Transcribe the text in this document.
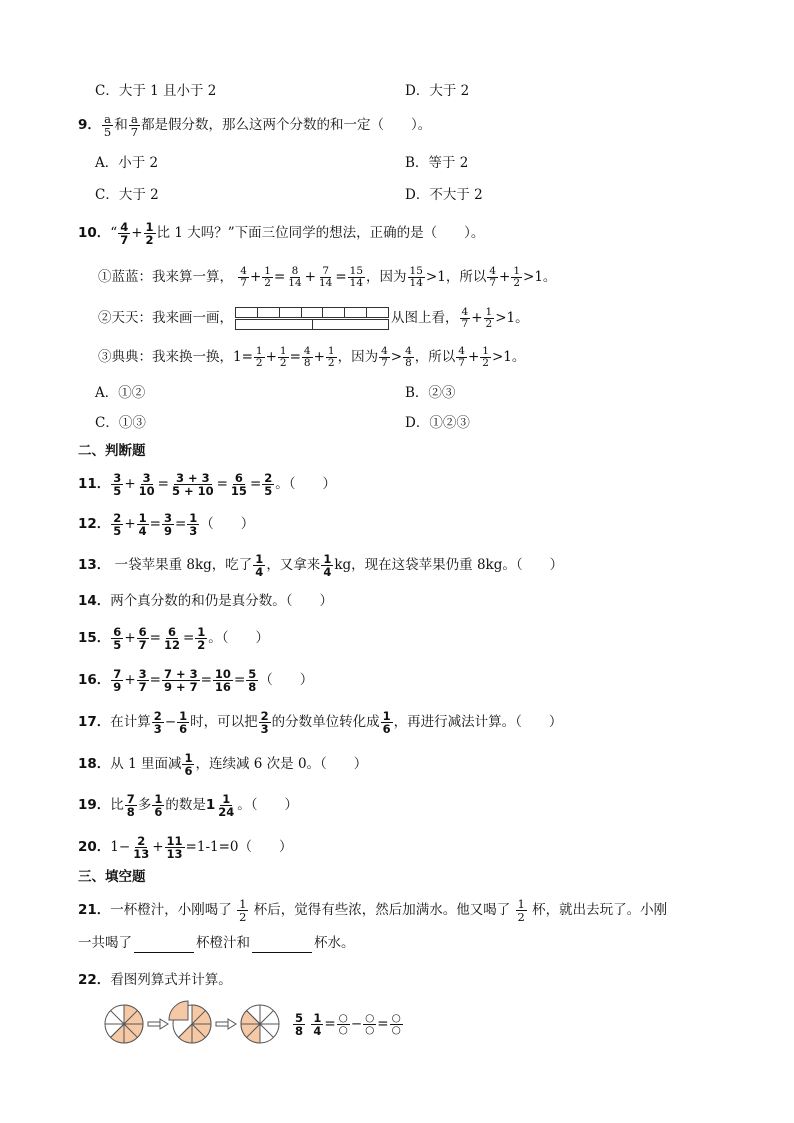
C．大于 1 且小于 2	D．大于 2
9． $\frac{a}{5}$ 和 $\frac{a}{7}$ 都是假分数，那么这两个分数的和一定（　　）。
A．小于 2	B．等于 2
C．大于 2	D．不大于 2
10．“ $\frac{4}{7} + \frac{1}{2}$ 比 1 大吗？”下面三位同学的想法，正确的是（　　）。
①蓝蓝：我来算一算， $\frac{4}{7} + \frac{1}{2} = \frac{8}{14} + \frac{7}{14} = \frac{15}{14}$ ，因为 $\frac{15}{14} >1$，所以 $\frac{4}{7} + \frac{1}{2} >1$。
②天天：我来画一画，	从图上看， $\frac{4}{7} + \frac{1}{2} >1$。
③典典：我来换一换，$1= \frac{1}{2} + \frac{1}{2} = \frac{4}{8} + \frac{1}{2}$ ，因为 $\frac{4}{7} > \frac{4}{8}$ ，所以 $\frac{4}{7} + \frac{1}{2} >1$。
A．①②	B．②③
C．①③	D．①②③
二、判断题
11． $\frac{3}{5} + \frac{3}{10} = \frac{3 + 3}{5 + 10} = \frac{6}{15} = \frac{2}{5}$ 。（　　）
12． $\frac{2}{5} + \frac{1}{4} = \frac{3}{9} = \frac{1}{3}$ （　　）
13． 一袋苹果重 8kg，吃了 $\frac{1}{4}$ ，又拿来 $\frac{1}{4}$ kg，现在这袋苹果仍重 8kg。（　　）
14．两个真分数的和仍是真分数。（　　）
15． $\frac{6}{5} + \frac{6}{7} = \frac{6}{12} = \frac{1}{2}$ 。（　　）
16． $\frac{7}{9} + \frac{3}{7} = \frac{7 + 3}{9 + 7} = \frac{10}{16} = \frac{5}{8}$ （　　）
17．在计算 $\frac{2}{3} - \frac{1}{6}$ 时，可以把 $\frac{2}{3}$ 的分数单位转化成 $\frac{1}{6}$ ，再进行减法计算。（　　）
18．从 1 里面减 $\frac{1}{6}$ ，连续减 6 次是 0。（　　）
19．比 $\frac{7}{8}$ 多 $\frac{1}{6}$ 的数是$1 \frac{1}{24}$ 。（　　）
20．$1- \frac{2}{13} + \frac{11}{13} =1-1=0$（　　）
三、填空题
21．一杯橙汁，小刚喝了 $\frac{1}{2}$ 杯后，觉得有些浓，然后加满水。他又喝了 $\frac{1}{2}$ 杯，就出去玩了。小刚
一共喝了	杯橙汁和	杯水。
22．看图列算式并计算。
$\frac{5}{8}$
$\frac{1}{4} = \frac{○}{○} - \frac{○}{○} = \frac{○}{○}$
